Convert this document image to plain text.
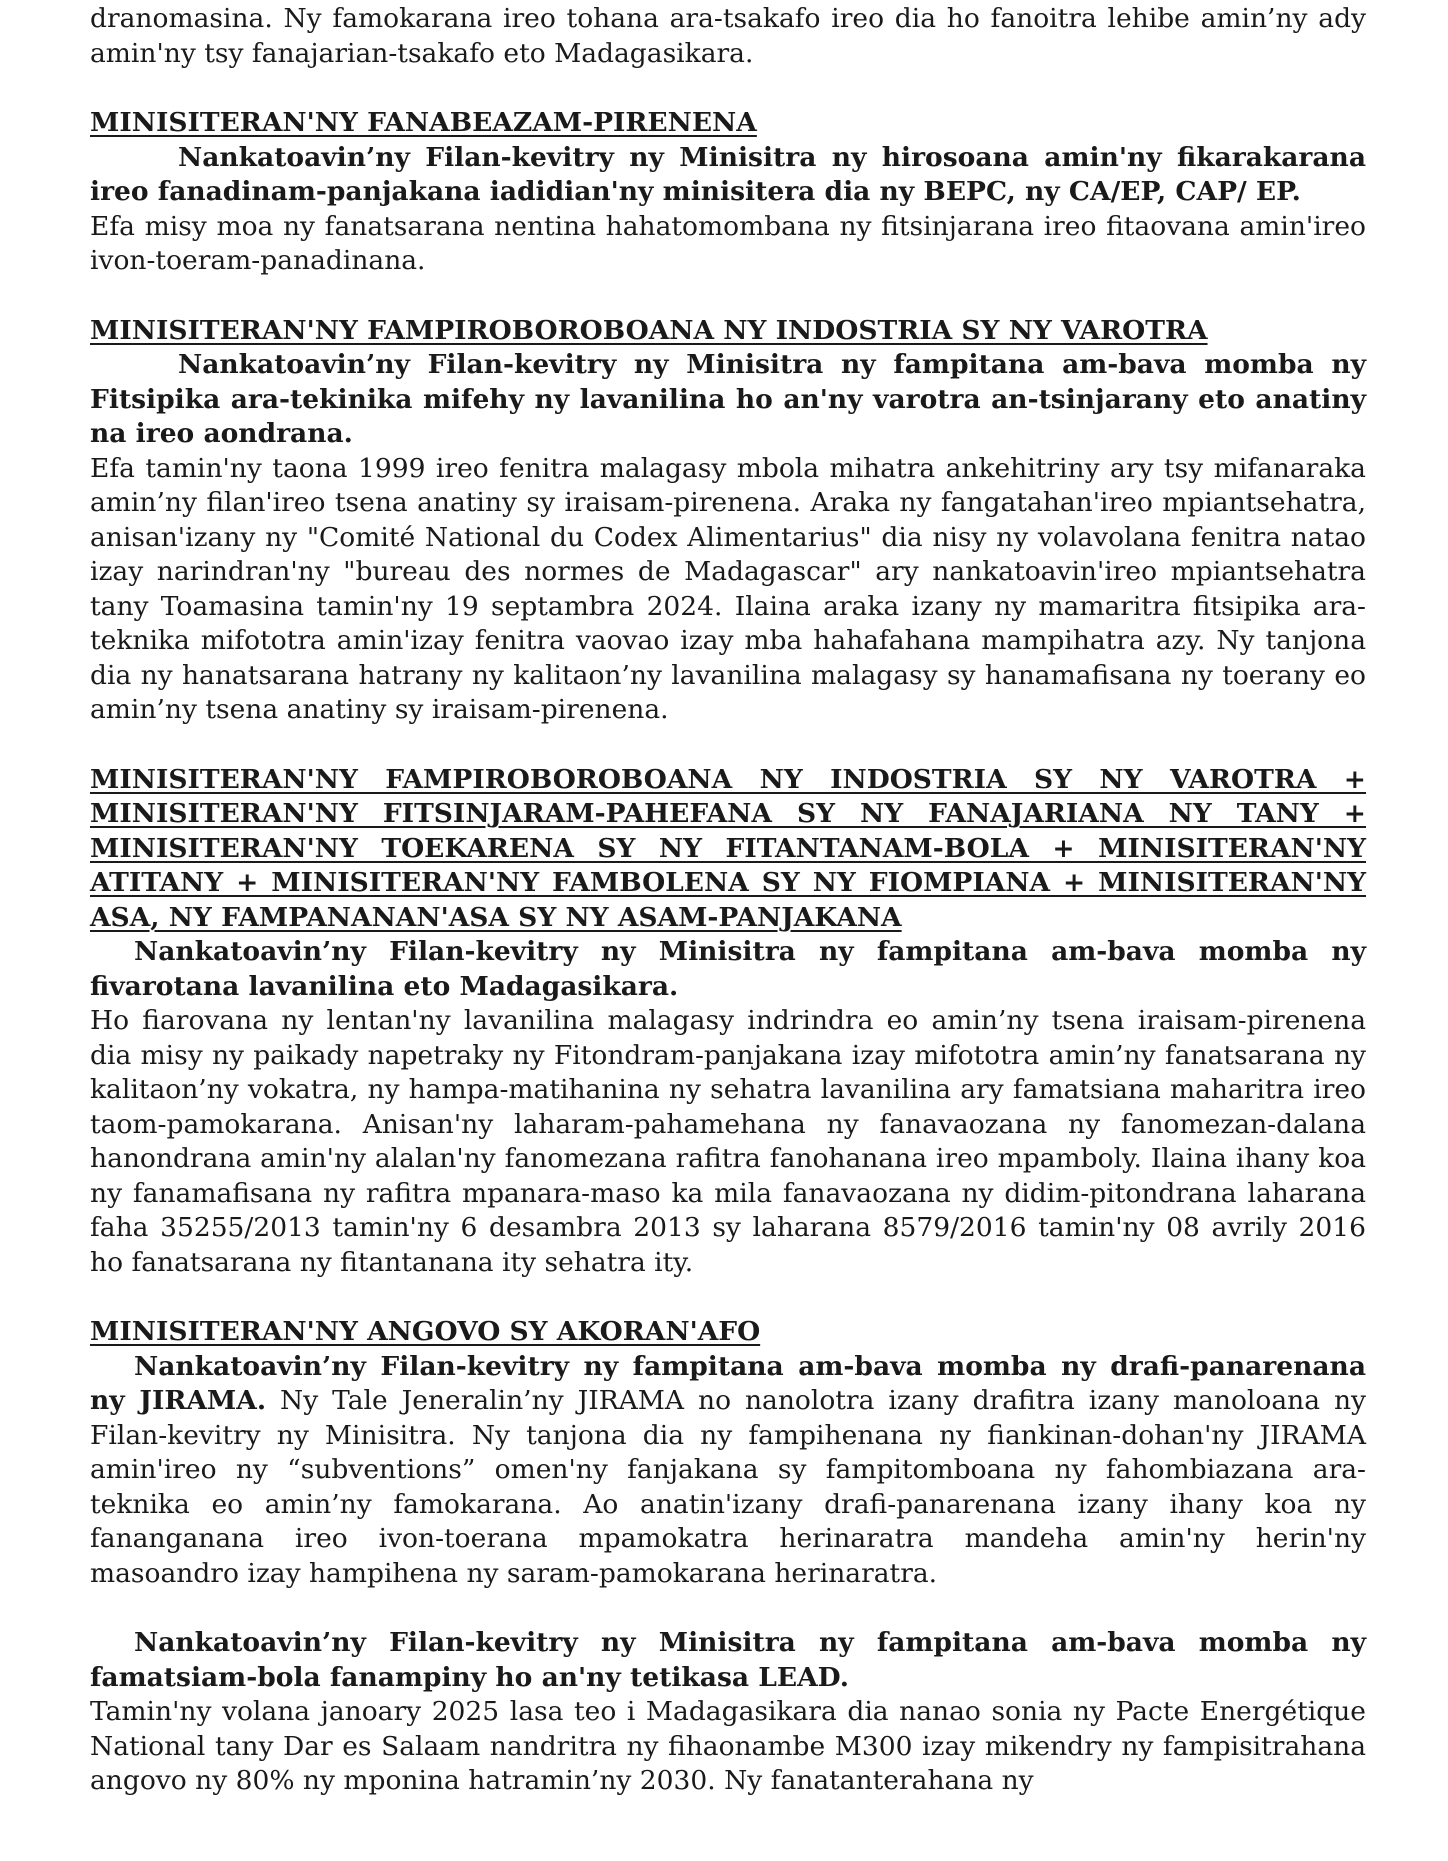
dranomasina. Ny famokarana ireo tohana ara-tsakafo ireo dia ho fanoitra lehibe amin’ny ady amin'ny tsy fanajarian-tsakafo eto Madagasikara.

MINISITERAN'NY FANABEAZAM-PIRENENA

Nankatoavin’ny Filan-kevitry ny Minisitra ny hirosoana amin'ny fikarakarana ireo fanadinam-panjakana iadidian'ny minisitera dia ny BEPC, ny CA/EP, CAP/ EP.

Efa misy moa ny fanatsarana nentina hahatomombana ny fitsinjarana ireo fitaovana amin'ireo ivon-toeram-panadinana.

MINISITERAN'NY FAMPIROBOROBOANA NY INDOSTRIA SY NY VAROTRA

Nankatoavin’ny Filan-kevitry ny Minisitra ny fampitana am-bava momba ny Fitsipika ara-tekinika mifehy ny lavanilina ho an'ny varotra an-tsinjarany eto anatiny na ireo aondrana.

Efa tamin'ny taona 1999 ireo fenitra malagasy mbola mihatra ankehitriny ary tsy mifanaraka amin’ny filan'ireo tsena anatiny sy iraisam-pirenena. Araka ny fangatahan'ireo mpiantsehatra, anisan'izany ny "Comité National du Codex Alimentarius" dia nisy ny volavolana fenitra natao izay narindran'ny "bureau des normes de Madagascar" ary nankatoavin'ireo mpiantsehatra tany Toamasina tamin'ny 19 septambra 2024. Ilaina araka izany ny mamaritra fitsipika ara-teknika mifototra amin'izay fenitra vaovao izay mba hahafahana mampihatra azy. Ny tanjona dia ny hanatsarana hatrany ny kalitaon’ny lavanilina malagasy sy hanamafisana ny toerany eo amin’ny tsena anatiny sy iraisam-pirenena.

MINISITERAN'NY FAMPIROBOROBOANA NY INDOSTRIA SY NY VAROTRA + MINISITERAN'NY FITSINJARAM-PAHEFANA SY NY FANAJARIANA NY TANY + MINISITERAN'NY TOEKARENA SY NY FITANTANAM-BOLA + MINISITERAN'NY ATITANY + MINISITERAN'NY FAMBOLENA SY NY FIOMPIANA + MINISITERAN'NY ASA, NY FAMPANANAN'ASA SY NY ASAM-PANJAKANA

Nankatoavin’ny Filan-kevitry ny Minisitra ny fampitana am-bava momba ny fivarotana lavanilina eto Madagasikara.

Ho fiarovana ny lentan'ny lavanilina malagasy indrindra eo amin’ny tsena iraisam-pirenena dia misy ny paikady napetraky ny Fitondram-panjakana izay mifototra amin’ny fanatsarana ny kalitaon’ny vokatra, ny hampa-matihanina ny sehatra lavanilina ary famatsiana maharitra ireo taom-pamokarana. Anisan'ny laharam-pahamehana ny fanavaozana ny fanomezan-dalana hanondrana amin'ny alalan'ny fanomezana rafitra fanohanana ireo mpamboly. Ilaina ihany koa ny fanamafisana ny rafitra mpanara-maso ka mila fanavaozana ny didim-pitondrana laharana faha 35255/2013 tamin'ny 6 desambra 2013 sy laharana 8579/2016 tamin'ny 08 avrily 2016 ho fanatsarana ny fitantanana ity sehatra ity.

MINISITERAN'NY ANGOVO SY AKORAN'AFO

Nankatoavin’ny Filan-kevitry ny fampitana am-bava momba ny drafi-panarenana ny JIRAMA. Ny Tale Jeneralin’ny JIRAMA no nanolotra izany drafitra izany manoloana ny Filan-kevitry ny Minisitra. Ny tanjona dia ny fampihenana ny fiankinan-dohan'ny JIRAMA amin'ireo ny “subventions” omen'ny fanjakana sy fampitomboana ny fahombiazana ara-teknika eo amin’ny famokarana. Ao anatin'izany drafi-panarenana izany ihany koa ny fananganana ireo ivon-toerana mpamokatra herinaratra mandeha amin'ny herin'ny masoandro izay hampihena ny saram-pamokarana herinaratra.

Nankatoavin’ny Filan-kevitry ny Minisitra ny fampitana am-bava momba ny famatsiam-bola fanampiny ho an'ny tetikasa LEAD.

Tamin'ny volana janoary 2025 lasa teo i Madagasikara dia nanao sonia ny Pacte Energétique National tany Dar es Salaam nandritra ny fihaonambe M300 izay mikendry ny fampisitrahana angovo ny 80% ny mponina hatramin’ny 2030. Ny fanatanterahana ny
